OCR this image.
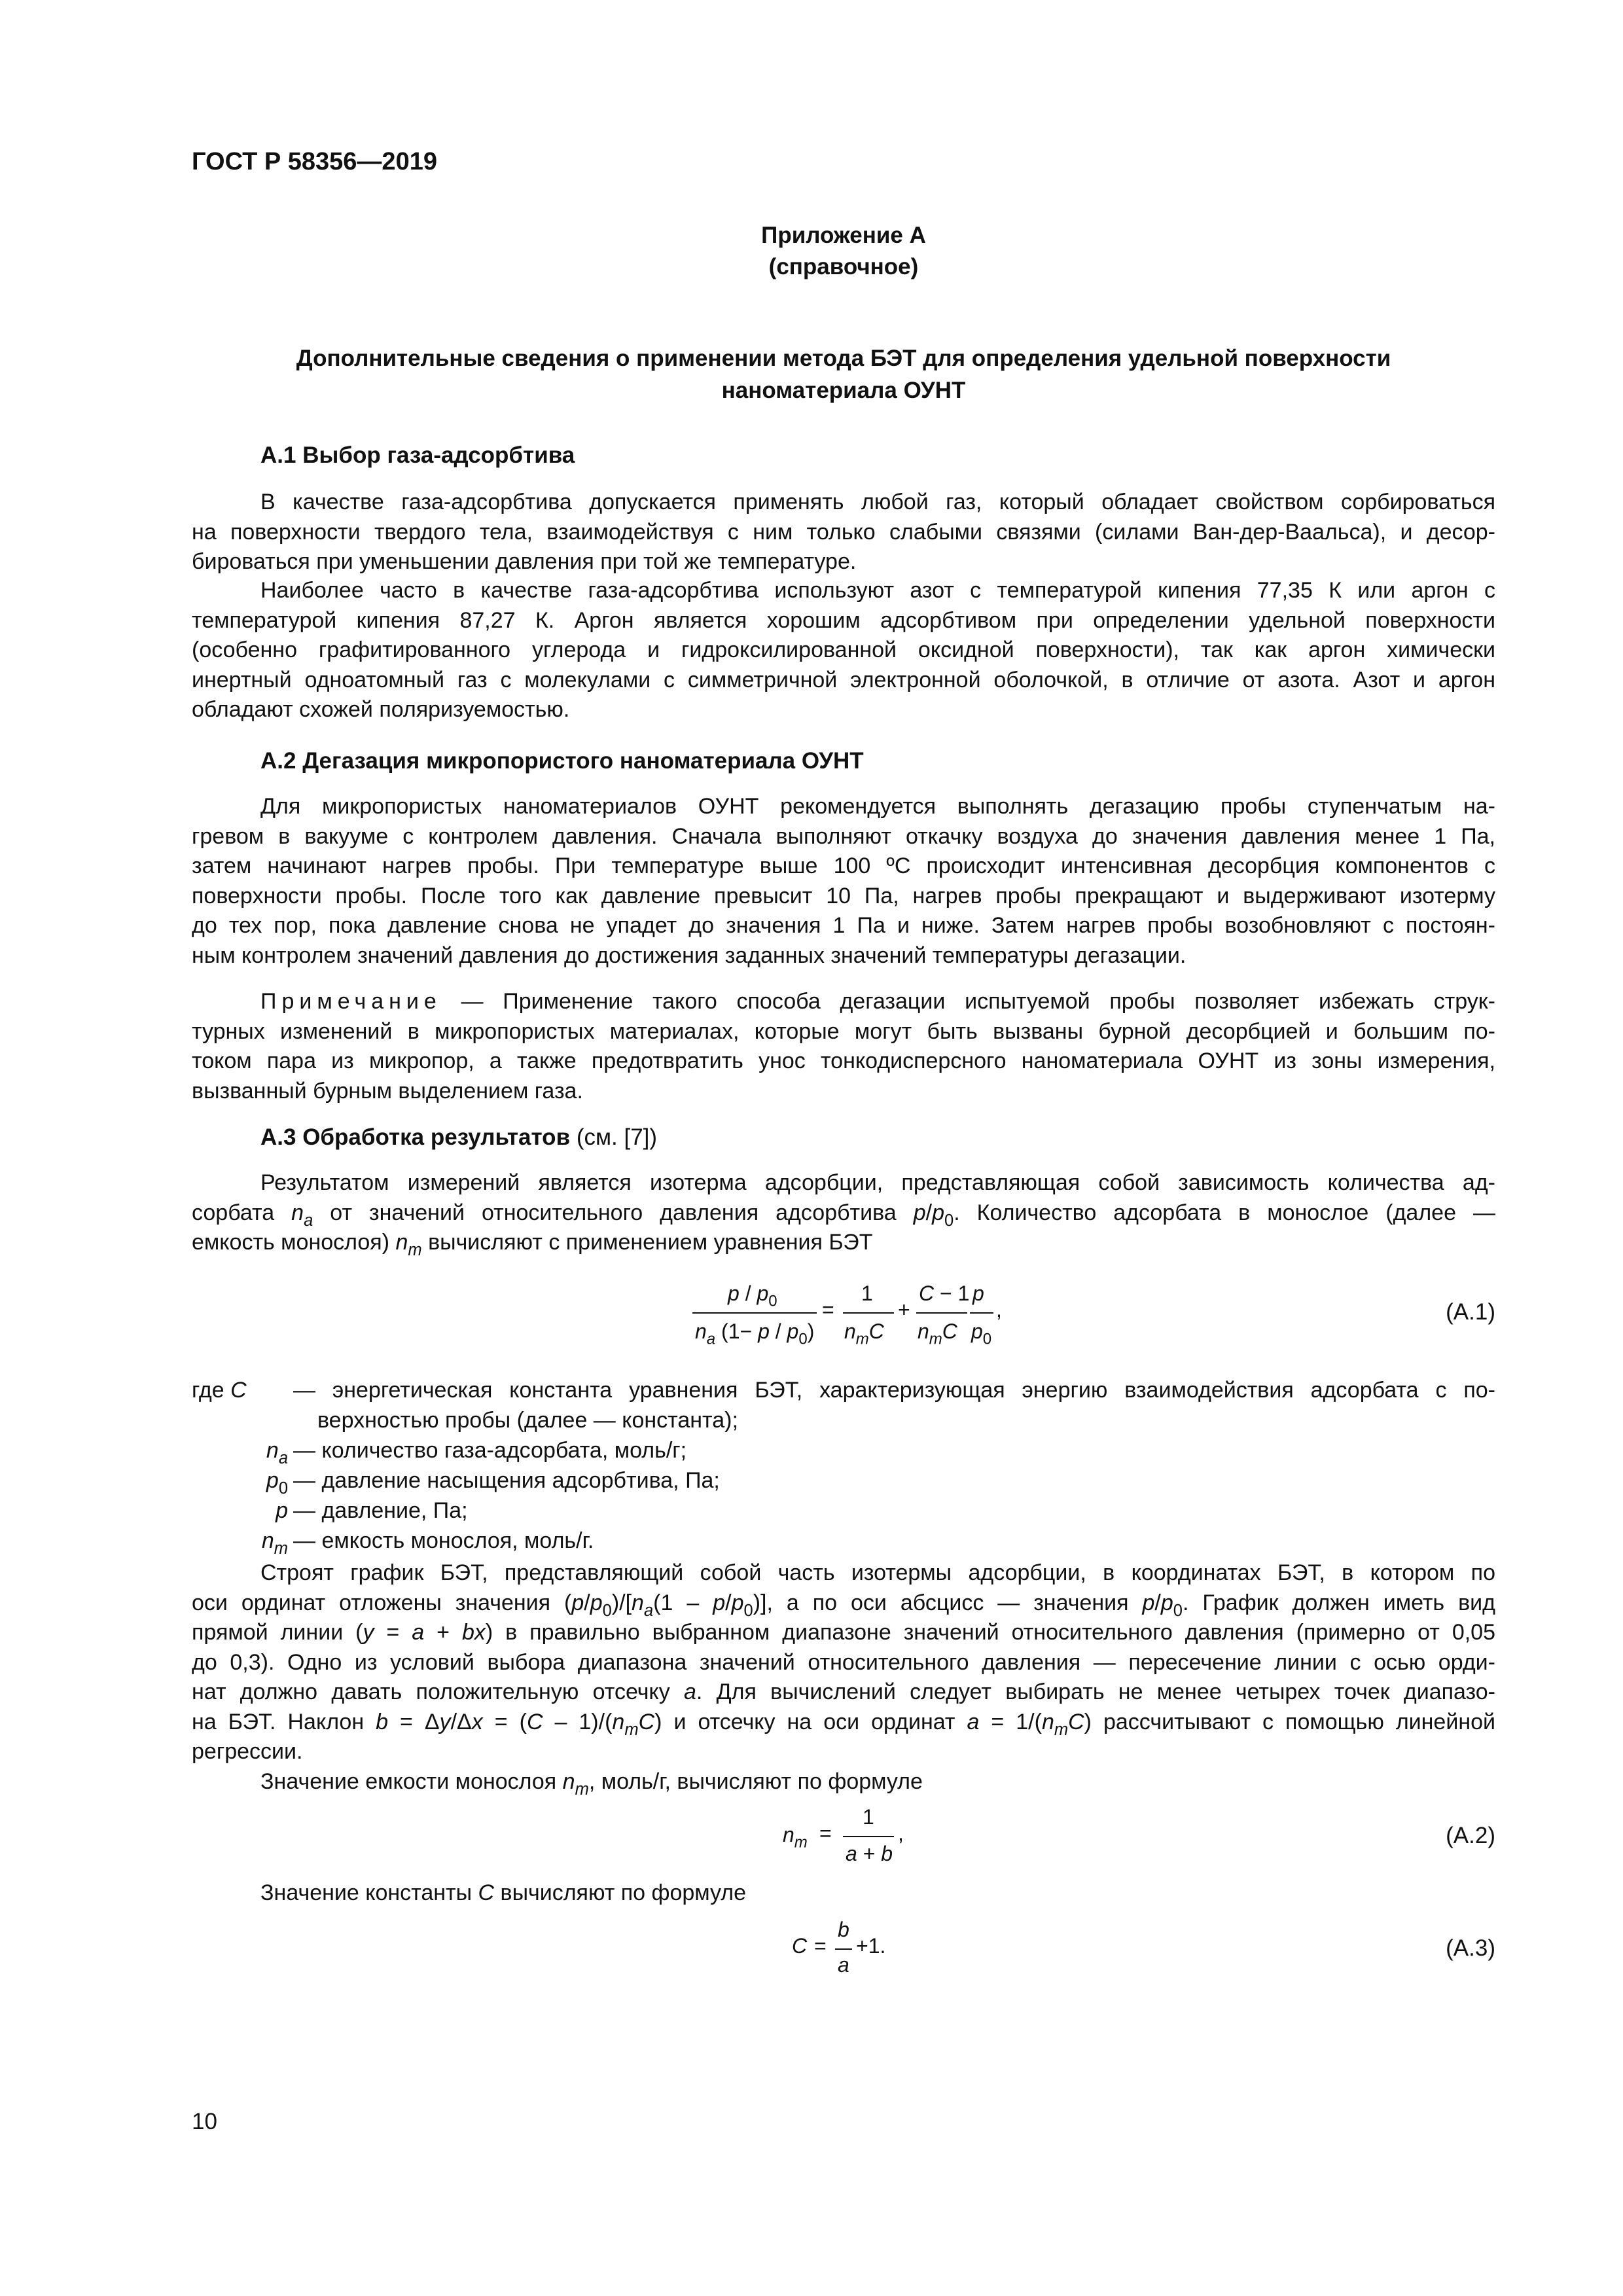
ГОСТ Р 58356—2019
Приложение А
(справочное)
Дополнительные сведения о применении метода БЭТ для определения удельной поверхности
наноматериала ОУНТ
А.1 Выбор газа-адсорбтива
В качестве газа-адсорбтива допускается применять любой газ, который обладает свойством сорбироваться
на поверхности твердого тела, взаимодействуя с ним только слабыми связями (силами Ван-дер-Ваальса), и десор-
бироваться при уменьшении давления при той же температуре.
Наиболее часто в качестве газа-адсорбтива используют азот с температурой кипения 77,35 К или аргон с
температурой кипения 87,27 К. Аргон является хорошим адсорбтивом при определении удельной поверхности
(особенно графитированного углерода и гидроксилированной оксидной поверхности), так как аргон химически
инертный одноатомный газ с молекулами с симметричной электронной оболочкой, в отличие от азота. Азот и аргон
обладают схожей поляризуемостью.
А.2 Дегазация микропористого наноматериала ОУНТ
Для микропористых наноматериалов ОУНТ рекомендуется выполнять дегазацию пробы ступенчатым на-
гревом в вакууме с контролем давления. Сначала выполняют откачку воздуха до значения давления менее 1 Па,
затем начинают нагрев пробы. При температуре выше 100 ºС происходит интенсивная десорбция компонентов с
поверхности пробы. После того как давление превысит 10 Па, нагрев пробы прекращают и выдерживают изотерму
до тех пор, пока давление снова не упадет до значения 1 Па и ниже. Затем нагрев пробы возобновляют с постоян-
ным контролем значений давления до достижения заданных значений температуры дегазации.
Примечание — Применение такого способа дегазации испытуемой пробы позволяет избежать струк-
турных изменений в микропористых материалах, которые могут быть вызваны бурной десорбцией и большим по-
током пара из микропор, а также предотвратить унос тонкодисперсного наноматериала ОУНТ из зоны измерения,
вызванный бурным выделением газа.
А.3 Обработка результатов (см. [7])
Результатом измерений является изотерма адсорбции, представляющая собой зависимость количества ад-
сорбата $n_a$ от значений относительного давления адсорбтива $p/p_0$. Количество адсорбата в монослое (далее —
емкость монослоя) $n_m$ вычисляют с применением уравнения БЭТ
p / $p_0$
$n_a$ $(1- p / p_0)$
=
1
$n_mC$
+
C − 1
$n_mC$
p
$p_0$
,	(А.1)
где C — энергетическая константа уравнения БЭТ, характеризующая энергию взаимодействия адсорбата с по-
верхностью пробы (далее — константа);
$n_a$ — количество газа-адсорбата, моль/г;
$p_0$ — давление насыщения адсорбтива, Па;
p — давление, Па;
$n_m$ — емкость монослоя, моль/г.
Строят график БЭТ, представляющий собой часть изотермы адсорбции, в координатах БЭТ, в котором по
оси ординат отложены значения $(p/p_0)/[n_a(1 - p/p_0)]$, а по оси абсцисс — значения $p/p_0$. График должен иметь вид
прямой линии (y = a + bx) в правильно выбранном диапазоне значений относительного давления (примерно от 0,05
до 0,3). Одно из условий выбора диапазона значений относительного давления — пересечение линии с осью орди-
нат должно давать положительную отсечку a. Для вычислений следует выбирать не менее четырех точек диапазо-
на БЭТ. Наклон $b = \Delta y/\Delta x = (C - 1)/(n_mC)$ и отсечку на оси ординат $a = 1/(n_mC)$ рассчитывают с помощью линейной
регрессии.
Значение емкости монослоя $n_m$, моль/г, вычисляют по формуле
$n_m$ =
1
a + b
,	(А.2)
Значение константы C вычисляют по формуле
C =
b
a
+1.	(А.3)
10
